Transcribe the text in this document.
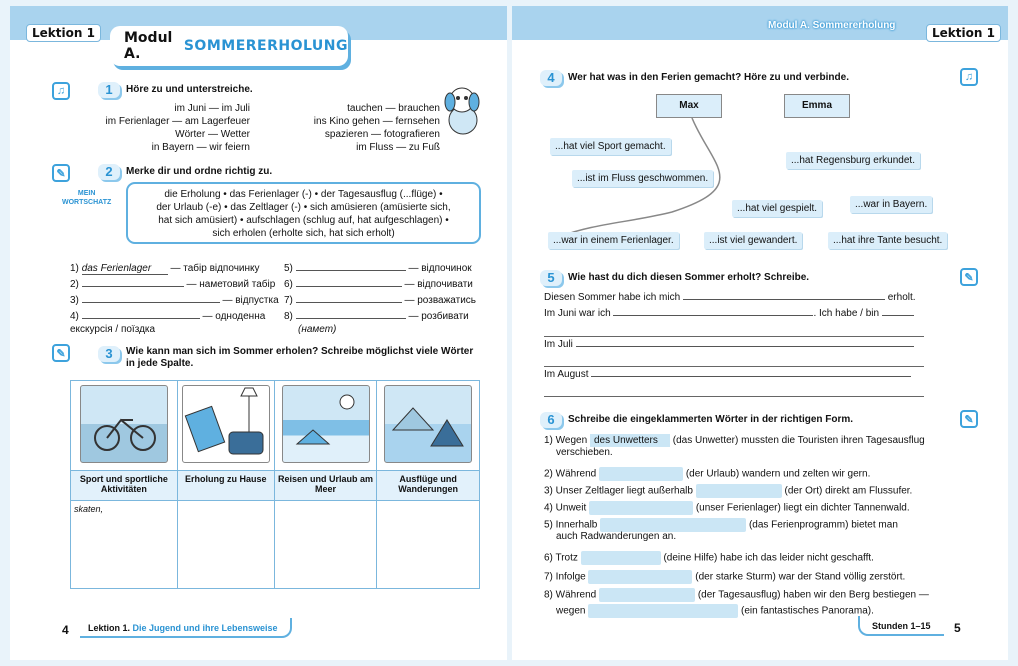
Lektion 1	Modul A.	SOMMERERHOLUNG
♫	1	Höre zu und unterstreiche.
im Juni — im Juli
im Ferienlager — am Lagerfeuer
Wörter — Wetter
in Bayern — wir feiern
tauchen — brauchen
ins Kino gehen — fernsehen
spazieren — fotografieren
im Fluss — zu Fuß
✎	2	Merke dir und ordne richtig zu.
MEIN
WORTSCHATZ
die Erholung • das Ferienlager (-) • der Tagesausflug (...flüge) •
der Urlaub (-e) • das Zeltlager (-) • sich amüsieren (amüsierte sich,
hat sich amüsiert) • aufschlagen (schlug auf, hat aufgeschlagen) •
sich erholen (erholte sich, hat sich erholt)
1) das Ferienlager — табір відпочинку
2)	— наметовий табір
3)	— відпустка
4)	— одноденна
екскурсія / поїздка
5)	— відпочинок
6)	— відпочивати
7)	— розважатись
8)	— розбивати
(намет)
✎	3	Wie kann man sich im Sommer erholen? Schreibe möglichst viele Wörter
in jede Spalte.

Sport und sportliche Aktivitäten	Erholung zu Hause	Reisen und Urlaub am Meer	Ausflüge und Wanderungen
skaten,			
4 Lektion 1. Die Jugend und ihre Lebensweise
Modul A. Sommererholung
Lektion 1
4	Wer hat was in den Ferien gemacht? Höre zu und verbinde.	♫
Max	Emma
...hat viel Sport gemacht.
...hat Regensburg erkundet.
...ist im Fluss geschwommen.
...hat viel gespielt.	...war in Bayern.
...war in einem Ferienlager.	...ist viel gewandert.	...hat ihre Tante besucht.
5	Wie hast du dich diesen Sommer erholt? Schreibe.	✎
Diesen Sommer habe ich mich	erholt.
Im Juni war ich	. Ich habe / bin
Im Juli
Im August
6	Schreibe die eingeklammerten Wörter in der richtigen Form.	✎
1) Wegen des Unwetters (das Unwetter) mussten die Touristen ihren Tagesausflug
verschieben.
2) Während	(der Urlaub) wandern und zelten wir gern.
3) Unser Zeltlager liegt außerhalb	(der Ort) direkt am Flussufer.
4) Unweit	(unser Ferienlager) liegt ein dichter Tannenwald.
5) Innerhalb	(das Ferienprogramm) bietet man
auch Radwanderungen an.
6) Trotz	(deine Hilfe) habe ich das leider nicht geschafft.
7) Infolge	(der starke Sturm) war der Stand völlig zerstört.
8) Während	(der Tagesausflug) haben wir den Berg bestiegen —
wegen	(ein fantastisches Panorama).
Stunden 1–15 5
